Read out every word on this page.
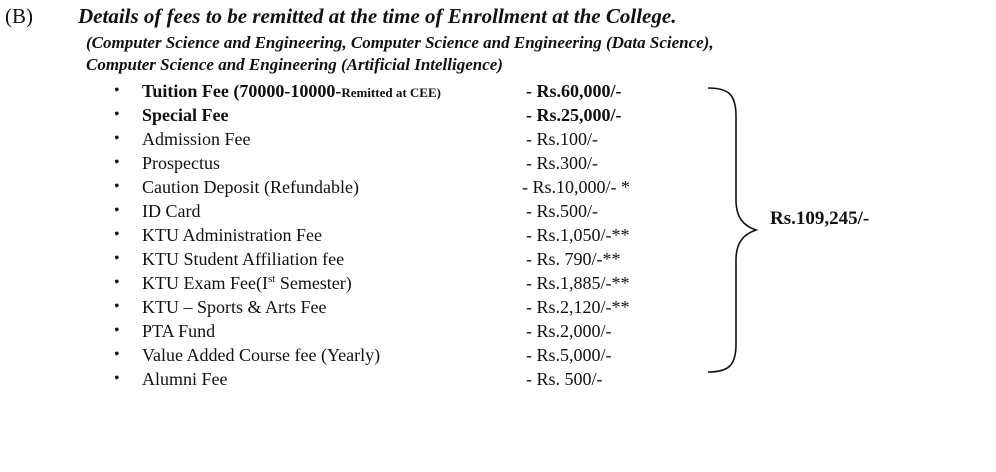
(B) Details of fees to be remitted at the time of Enrollment at the College.
(Computer Science and Engineering, Computer Science and Engineering (Data Science),
Computer Science and Engineering (Artificial Intelligence)
• Tuition Fee (70000-10000-Remitted at CEE)	- Rs.60,000/-
• Special Fee	- Rs.25,000/-
• Admission Fee	- Rs.100/-
• Prospectus	- Rs.300/-
• Caution Deposit (Refundable)	- Rs.10,000/- *
• ID Card	- Rs.500/-
• KTU Administration Fee	- Rs.1,050/-**
• KTU Student Affiliation fee	- Rs. 790/-**
• KTU Exam Fee(Ist Semester)	- Rs.1,885/-**
• KTU – Sports & Arts Fee	- Rs.2,120/-**
• PTA Fund	- Rs.2,000/-
• Value Added Course fee (Yearly)	- Rs.5,000/-
• Alumni Fee	- Rs. 500/-
Rs.109,245/-
